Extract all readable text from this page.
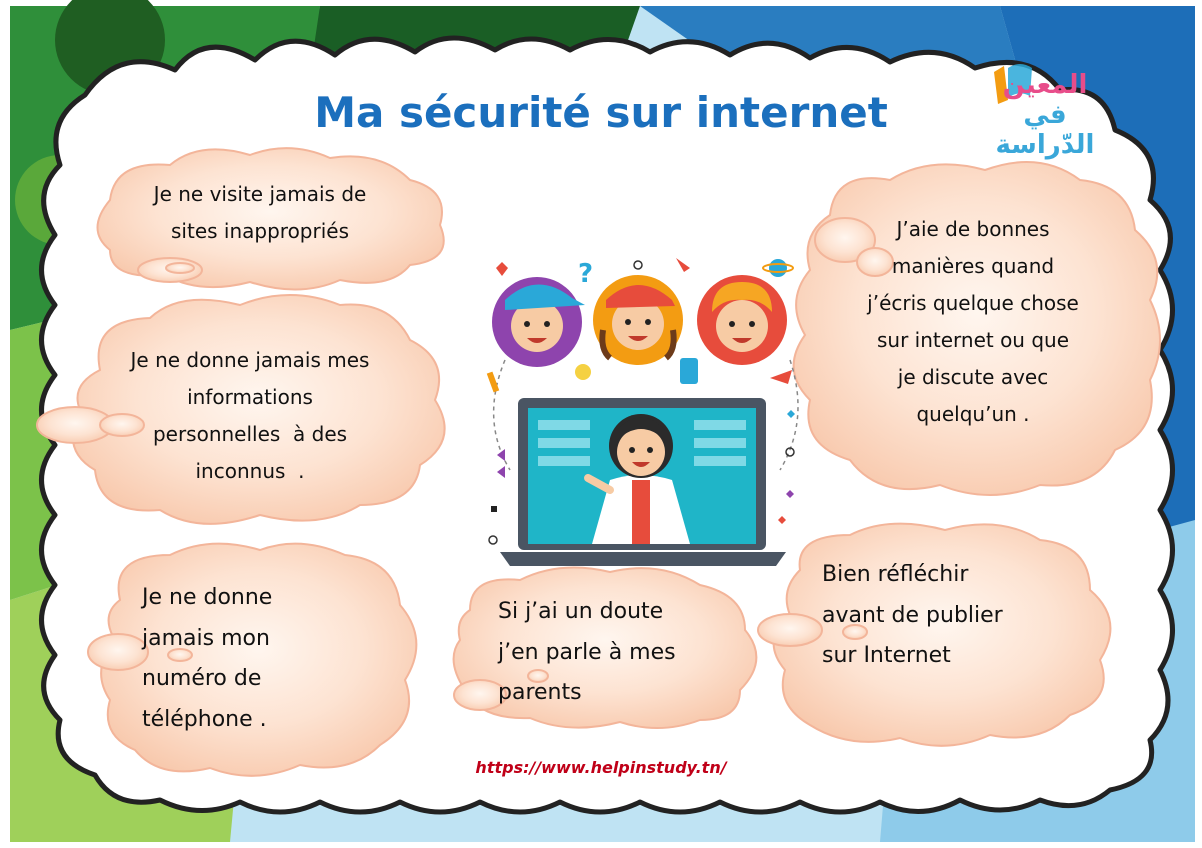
?
المعين
في الدّراسة
Ma sécurité sur internet
Je ne visite jamais de
sites inappropriés
Je ne donne jamais mes
informations
personnelles  à des
inconnus  .
Je ne donne
jamais mon
numéro de
téléphone .
Si j’ai un doute
j’en parle à mes
parents
Bien réfléchir
avant de publier
sur Internet
J’aie de bonnes
manières quand
j’écris quelque chose
sur internet ou que
je discute avec
quelqu’un .
https://www.helpinstudy.tn/
